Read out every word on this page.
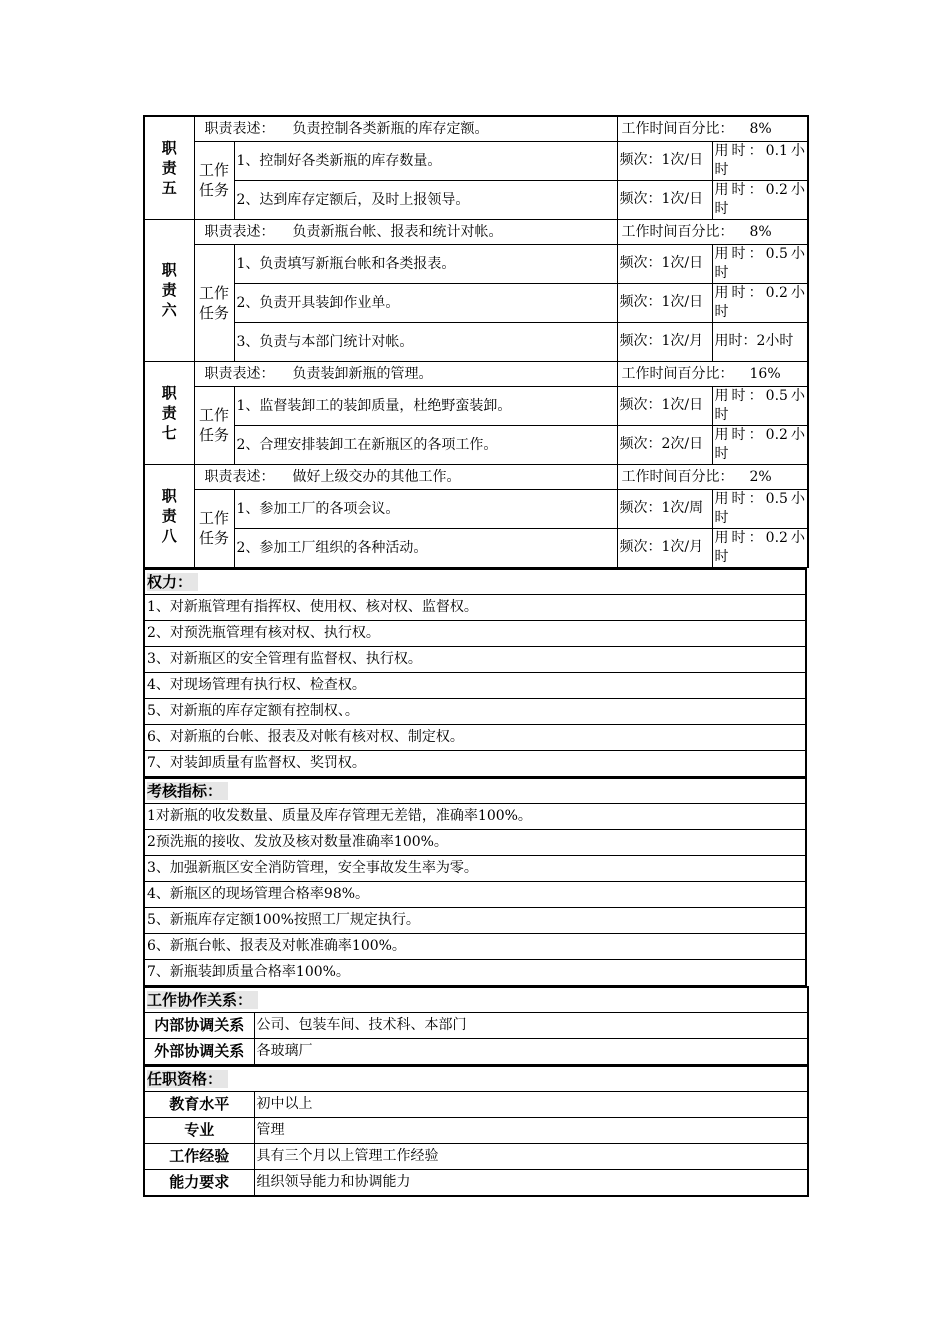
职
责
五	职责表述： 负责控制各类新瓶的库存定额。		工作时间百分比： 8%	
	工作任务	1、控制好各类新瓶的库存数量。	频次：1次/日	用时：0.1小时
		2、达到库存定额后，及时上报领导。	频次：1次/日	用时：0.2小时
职
责
六	职责表述： 负责新瓶台帐、报表和统计对帐。		工作时间百分比： 8%	
	工作任务	1、负责填写新瓶台帐和各类报表。	频次：1次/日	用时：0.5小时
		2、负责开具装卸作业单。	频次：1次/日	用时：0.2小时
		3、负责与本部门统计对帐。	频次：1次/月	用时：2小时
职
责
七	职责表述： 负责装卸新瓶的管理。		工作时间百分比： 16%	
	工作任务	1、监督装卸工的装卸质量，杜绝野蛮装卸。	频次：1次/日	用时：0.5小时
		2、合理安排装卸工在新瓶区的各项工作。	频次：2次/日	用时：0.2小时
职
责
八	职责表述： 做好上级交办的其他工作。		工作时间百分比： 2%	
	工作任务	1、参加工厂的各项会议。	频次：1次/周	用时：0.5小时
		2、参加工厂组织的各种活动。	频次：1次/月	用时：0.2小时
权力：
1、对新瓶管理有指挥权、使用权、核对权、监督权。
2、对预洗瓶管理有核对权、执行权。
3、对新瓶区的安全管理有监督权、执行权。
4、对现场管理有执行权、检查权。
5、对新瓶的库存定额有控制权、。
6、对新瓶的台帐、报表及对帐有核对权、制定权。
7、对装卸质量有监督权、奖罚权。
考核指标：
1对新瓶的收发数量、质量及库存管理无差错，准确率100%。
2预洗瓶的接收、发放及核对数量准确率100%。
3、加强新瓶区安全消防管理，安全事故发生率为零。
4、新瓶区的现场管理合格率98%。
5、新瓶库存定额100%按照工厂规定执行。
6、新瓶台帐、报表及对帐准确率100%。
7、新瓶装卸质量合格率100%。
工作协作关系：	
内部协调关系	公司、包装车间、技术科、本部门
外部协调关系	各玻璃厂
任职资格：	
教育水平	初中以上
专业	管理
工作经验	具有三个月以上管理工作经验
能力要求	组织领导能力和协调能力
